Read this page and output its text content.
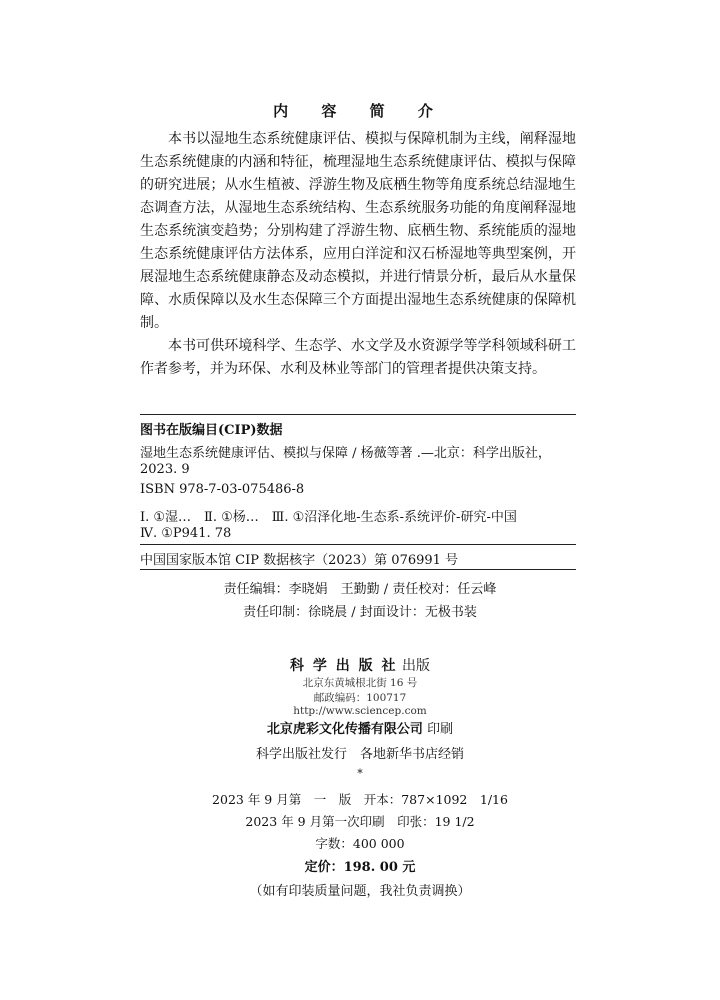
内 容 简 介

本书以湿地生态系统健康评估、模拟与保障机制为主线，阐释湿地生态系统健康的内涵和特征，梳理湿地生态系统健康评估、模拟与保障的研究进展；从水生植被、浮游生物及底栖生物等角度系统总结湿地生态调查方法，从湿地生态系统结构、生态系统服务功能的角度阐释湿地生态系统演变趋势；分别构建了浮游生物、底栖生物、系统能质的湿地生态系统健康评估方法体系，应用白洋淀和汉石桥湿地等典型案例，开展湿地生态系统健康静态及动态模拟，并进行情景分析，最后从水量保障、水质保障以及水生态保障三个方面提出湿地生态系统健康的保障机制。

本书可供环境科学、生态学、水文学及水资源学等学科领域科研工作者参考，并为环保、水利及林业等部门的管理者提供决策支持。

图书在版编目(CIP)数据
湿地生态系统健康评估、模拟与保障 / 杨薇等著 .—北京：科学出版社，
2023. 9
ISBN 978-7-03-075486-8
Ⅰ. ①湿…　Ⅱ. ①杨…　Ⅲ. ①沼泽化地-生态系-系统评价-研究-中国
Ⅳ. ①P941. 78
中国国家版本馆 CIP 数据核字（2023）第 076991 号
责任编辑：李晓娟　王勤勤 / 责任校对：任云峰
责任印制：徐晓晨 / 封面设计：无极书装
科 学 出 版 社 出版
北京东黄城根北街 16 号
邮政编码：100717
http://www.sciencep.com
北京虎彩文化传播有限公司 印刷
科学出版社发行　各地新华书店经销
*
2023 年 9 月第　一　版　开本：787×1092　1/16
2023 年 9 月第一次印刷　印张：19 1/2
字数：400 000
定价：198. 00 元
（如有印装质量问题，我社负责调换）
